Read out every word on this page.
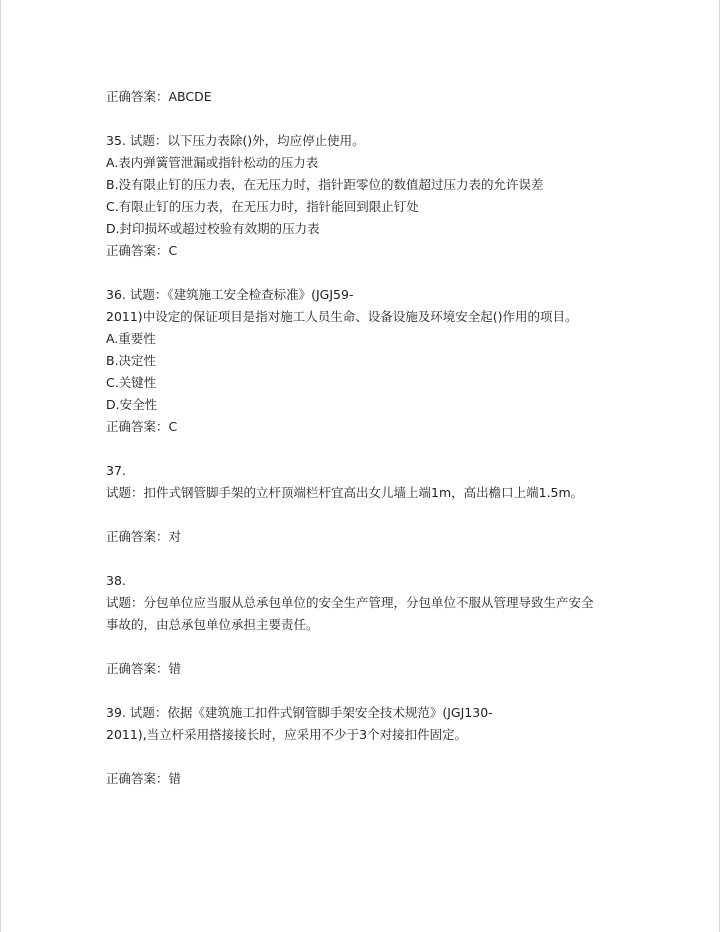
正确答案：ABCDE
35. 试题：以下压力表除()外，均应停止使用。
A.表内弹簧管泄漏或指针松动的压力表
B.没有限止钉的压力表，在无压力时，指针距零位的数值超过压力表的允许误差
C.有限止钉的压力表，在无压力时，指针能回到限止钉处
D.封印损坏或超过校验有效期的压力表
正确答案：C
36. 试题：《建筑施工安全检查标准》(JGJ59-
2011)中设定的保证项目是指对施工人员生命、设备设施及环境安全起()作用的项目。
A.重要性
B.决定性
C.关键性
D.安全性
正确答案：C
37.
试题：扣件式钢管脚手架的立杆顶端栏杆宜高出女儿墙上端1m，高出檐口上端1.5m。
正确答案：对
38.
试题：分包单位应当服从总承包单位的安全生产管理，分包单位不服从管理导致生产安全
事故的，由总承包单位承担主要责任。
正确答案：错
39. 试题：依据《建筑施工扣件式钢管脚手架安全技术规范》(JGJ130-
2011),当立杆采用搭接接长时，应采用不少于3个对接扣件固定。
正确答案：错
